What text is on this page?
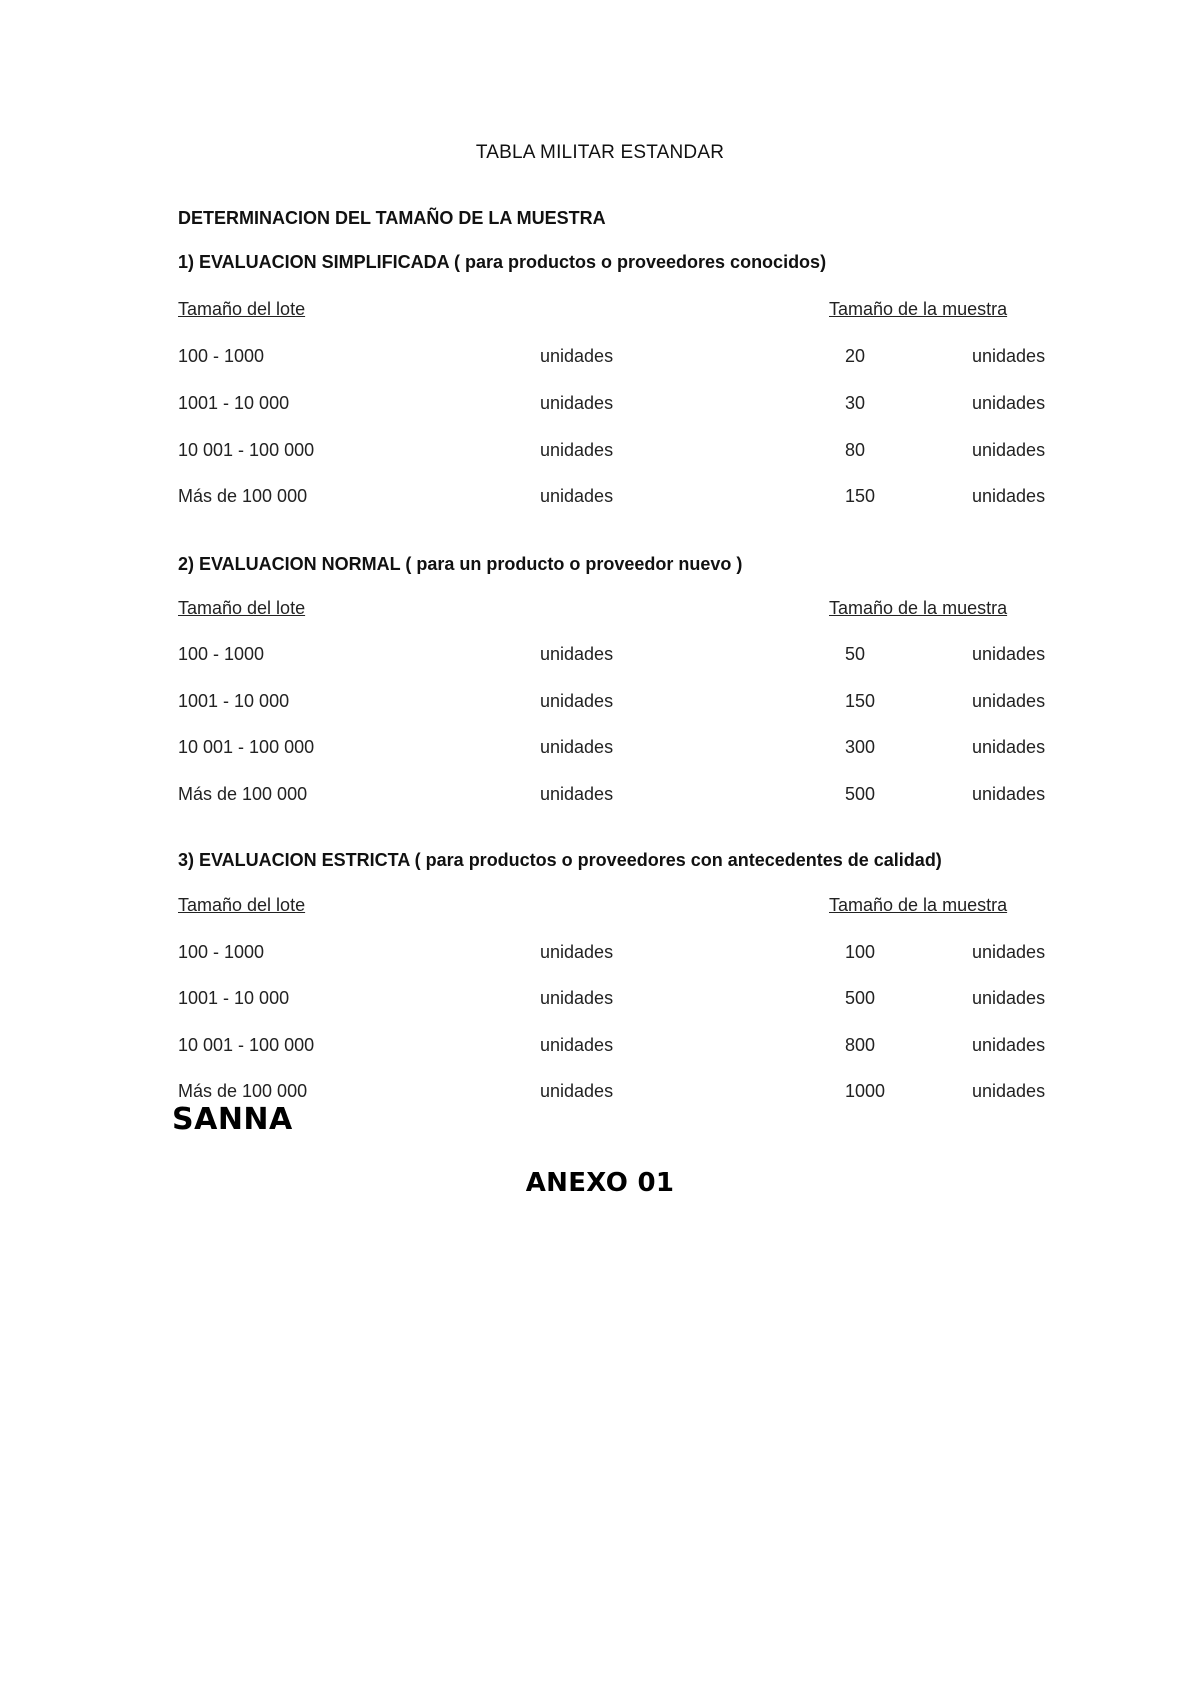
TABLA MILITAR ESTANDAR
DETERMINACION DEL TAMAÑO DE LA MUESTRA
1) EVALUACION SIMPLIFICADA ( para productos o proveedores conocidos)
Tamaño del lote	Tamaño de la muestra
100 - 1000	unidades	20	unidades
1001 - 10 000	unidades	30	unidades
10 001 - 100 000	unidades	80	unidades
Más de 100 000	unidades	150	unidades
2) EVALUACION NORMAL ( para un producto o proveedor nuevo )
Tamaño del lote	Tamaño de la muestra
100 - 1000	unidades	50	unidades
1001 - 10 000	unidades	150	unidades
10 001 - 100 000	unidades	300	unidades
Más de 100 000	unidades	500	unidades
3) EVALUACION ESTRICTA ( para productos o proveedores con antecedentes de calidad)
Tamaño del lote	Tamaño de la muestra
100 - 1000	unidades	100	unidades
1001 - 10 000	unidades	500	unidades
10 001 - 100 000	unidades	800	unidades
Más de 100 000	unidades	1000	unidades
SANNA
ANEXO 01
